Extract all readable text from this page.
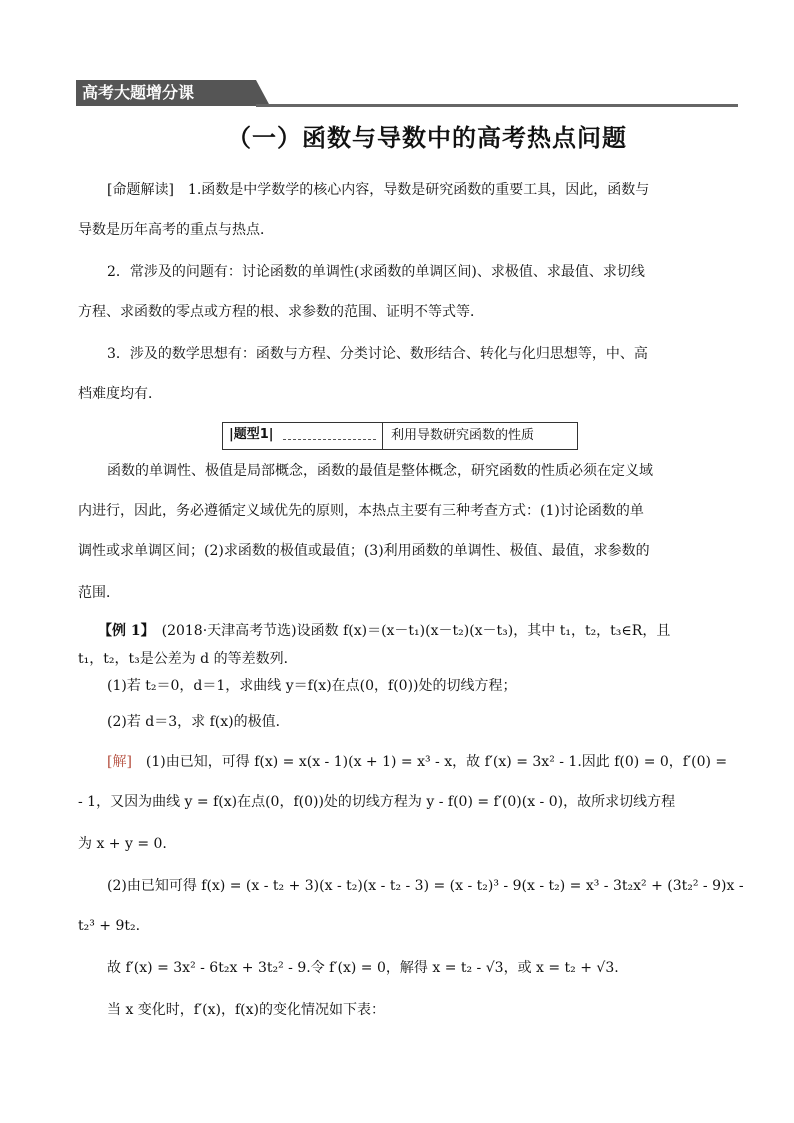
高考大题增分课
（一）函数与导数中的高考热点问题
[命题解读]　1.函数是中学数学的核心内容，导数是研究函数的重要工具，因此，函数与
导数是历年高考的重点与热点．
2．常涉及的问题有：讨论函数的单调性(求函数的单调区间)、求极值、求最值、求切线
方程、求函数的零点或方程的根、求参数的范围、证明不等式等．
3．涉及的数学思想有：函数与方程、分类讨论、数形结合、转化与化归思想等，中、高
档难度均有．
|题型1|	利用导数研究函数的性质
函数的单调性、极值是局部概念，函数的最值是整体概念，研究函数的性质必须在定义域
内进行，因此，务必遵循定义域优先的原则，本热点主要有三种考查方式：(1)讨论函数的单
调性或求单调区间；(2)求函数的极值或最值；(3)利用函数的单调性、极值、最值，求参数的
范围．
【例 1】　(2018·天津高考节选)设函数 f(x)＝(x－t₁)(x－t₂)(x－t₃)，其中 t₁，t₂，t₃∈R，且
t₁，t₂，t₃是公差为 d 的等差数列．
(1)若 t₂＝0，d＝1，求曲线 y＝f(x)在点(0，f(0))处的切线方程；
(2)若 d＝3，求 f(x)的极值．
[解]　(1)由已知，可得 f(x) = x(x - 1)(x + 1) = x³ - x，故 f′(x) = 3x² - 1.因此 f(0) = 0，f′(0) =
- 1，又因为曲线 y = f(x)在点(0，f(0))处的切线方程为 y - f(0) = f′(0)(x - 0)，故所求切线方程
为 x + y = 0.
(2)由已知可得 f(x) = (x - t₂ + 3)(x - t₂)(x - t₂ - 3) = (x - t₂)³ - 9(x - t₂) = x³ - 3t₂x² + (3t₂² - 9)x -
t₂³ + 9t₂.
故 f′(x) = 3x² - 6t₂x + 3t₂² - 9.令 f′(x) = 0，解得 x = t₂ - √3，或 x = t₂ + √3.
当 x 变化时，f′(x)，f(x)的变化情况如下表：
